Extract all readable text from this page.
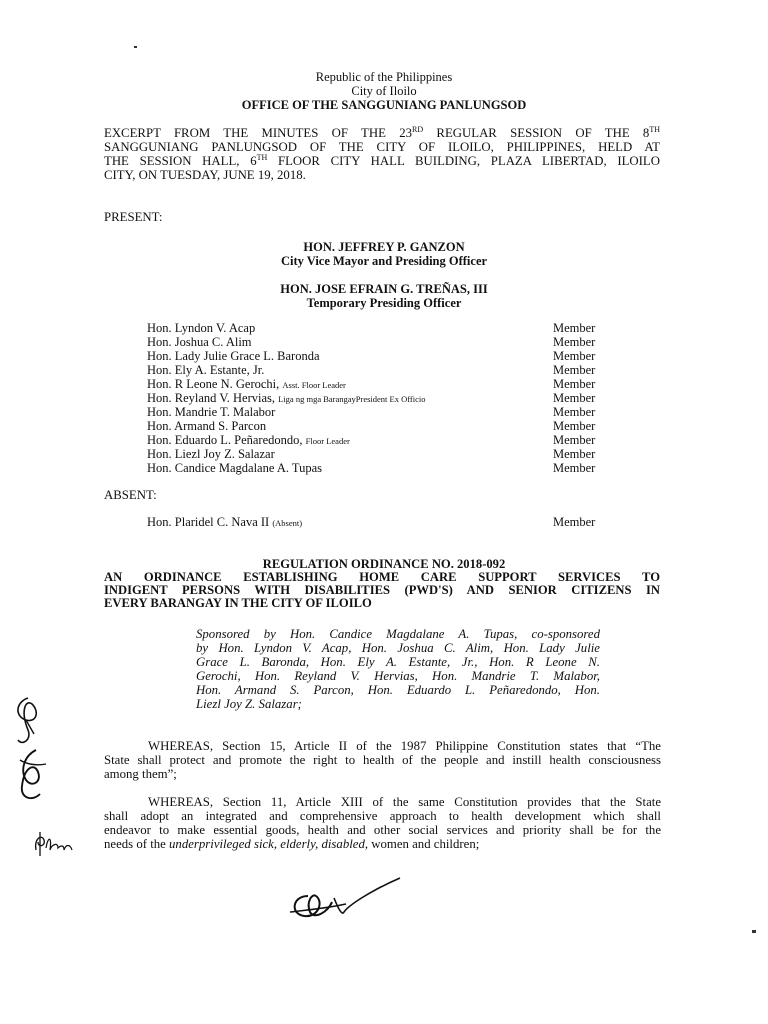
Republic of the Philippines
City of Iloilo
OFFICE OF THE SANGGUNIANG PANLUNGSOD
EXCERPT FROM THE MINUTES OF THE 23RD REGULAR SESSION OF THE 8TH
SANGGUNIANG PANLUNGSOD OF THE CITY OF ILOILO, PHILIPPINES, HELD AT
THE SESSION HALL, 6TH FLOOR CITY HALL BUILDING, PLAZA LIBERTAD, ILOILO
CITY, ON TUESDAY, JUNE 19, 2018.
PRESENT:
HON. JEFFREY P. GANZON
City Vice Mayor and Presiding Officer
HON. JOSE EFRAIN G. TREÑAS, III
Temporary Presiding Officer
Hon. Lyndon V. Acap	Member
Hon. Joshua C. Alim	Member
Hon. Lady Julie Grace L. Baronda	Member
Hon. Ely A. Estante, Jr.	Member
Hon. R Leone N. Gerochi, Asst. Floor Leader	Member
Hon. Reyland V. Hervias, Liga ng mga BarangayPresident Ex Officio	Member
Hon. Mandrie T. Malabor	Member
Hon. Armand S. Parcon	Member
Hon. Eduardo L. Peñaredondo, Floor Leader	Member
Hon. Liezl Joy Z. Salazar	Member
Hon. Candice Magdalane A. Tupas	Member
ABSENT:
Hon. Plaridel C. Nava II (Absent)	Member
REGULATION ORDINANCE NO. 2018-092
AN ORDINANCE ESTABLISHING HOME CARE SUPPORT SERVICES TO
INDIGENT PERSONS WITH DISABILITIES (PWD'S) AND SENIOR CITIZENS IN
EVERY BARANGAY IN THE CITY OF ILOILO
Sponsored by Hon. Candice Magdalane A. Tupas, co-sponsored
by Hon. Lyndon V. Acap, Hon. Joshua C. Alim, Hon. Lady Julie
Grace L. Baronda, Hon. Ely A. Estante, Jr., Hon. R Leone N.
Gerochi, Hon. Reyland V. Hervias, Hon. Mandrie T. Malabor,
Hon. Armand S. Parcon, Hon. Eduardo L. Peñaredondo, Hon.
Liezl Joy Z. Salazar;
WHEREAS, Section 15, Article II of the 1987 Philippine Constitution states that “The
State shall protect and promote the right to health of the people and instill health consciousness
among them”;
WHEREAS, Section 11, Article XIII of the same Constitution provides that the State
shall adopt an integrated and comprehensive approach to health development which shall
endeavor to make essential goods, health and other social services and priority shall be for the
needs of the underprivileged sick, elderly, disabled, women and children;
